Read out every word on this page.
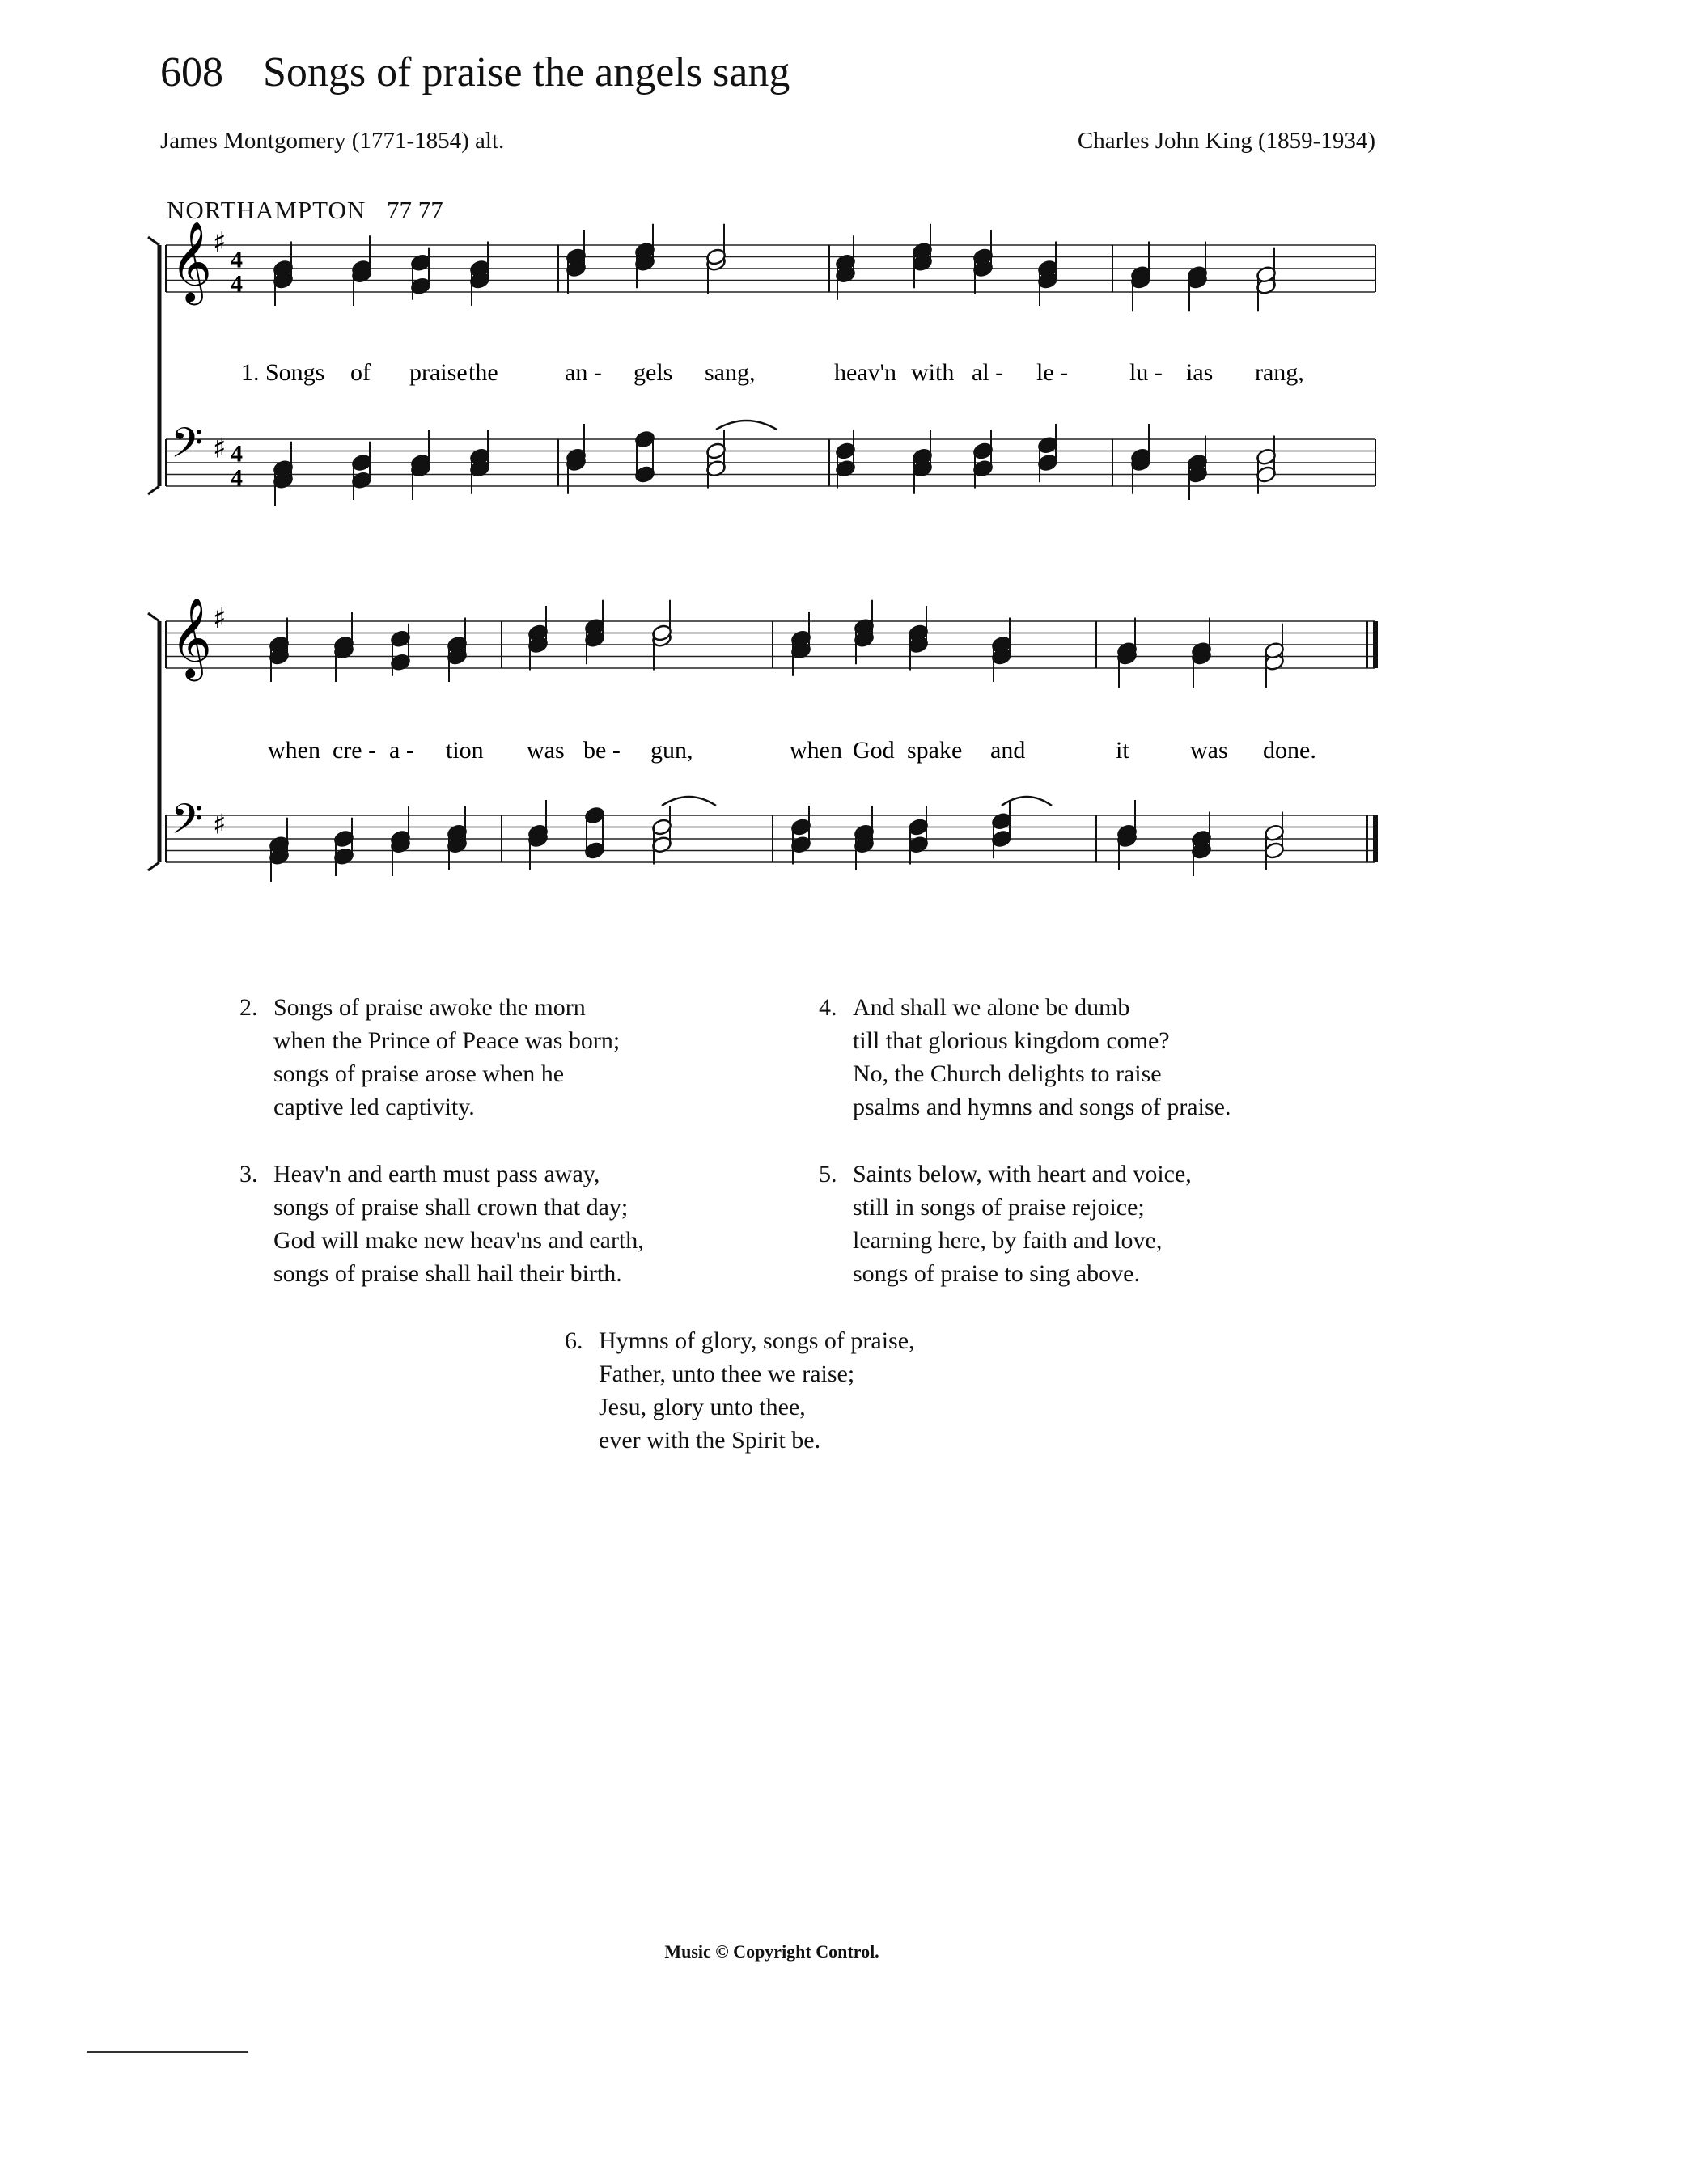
608 Songs of praise the angels sang
James Montgomery (1771-1854) alt.	Charles John King (1859-1934)
NORTHAMPTON 77 77
𝄞 ♯
4
4
𝄢 ♯ 4
4
1. Songs of praise the	an - gels sang,	heav'n with al - le -	lu - ias rang,
𝄞 ♯
𝄢 ♯
when cre - a - tion was be - gun,	when God spake and	it	was done.
2. Songs of praise awoke the morn
when the Prince of Peace was born;
songs of praise arose when he
captive led captivity.
3. Heav'n and earth must pass away,
songs of praise shall crown that day;
God will make new heav'ns and earth,
songs of praise shall hail their birth.
4. And shall we alone be dumb
till that glorious kingdom come?
No, the Church delights to raise
psalms and hymns and songs of praise.
5. Saints below, with heart and voice,
still in songs of praise rejoice;
learning here, by faith and love,
songs of praise to sing above.
6. Hymns of glory, songs of praise,
Father, unto thee we raise;
Jesu, glory unto thee,
ever with the Spirit be.
Music © Copyright Control.
